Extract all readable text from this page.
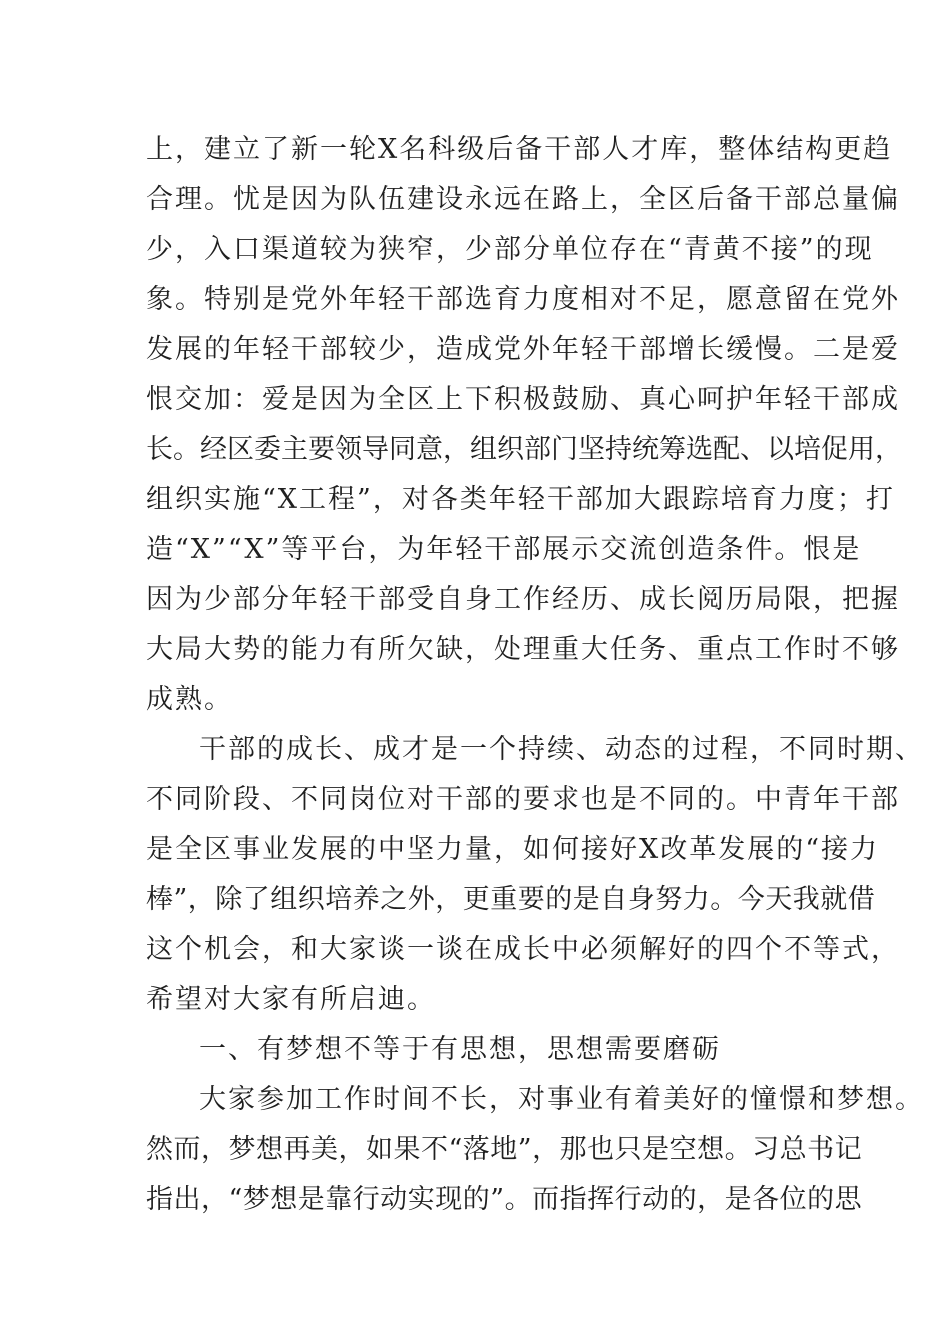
上，建立了新一轮X名科级后备干部人才库，整体结构更趋
合理。忧是因为队伍建设永远在路上，全区后备干部总量偏
少，入口渠道较为狭窄，少部分单位存在“青黄不接”的现
象。特别是党外年轻干部选育力度相对不足，愿意留在党外
发展的年轻干部较少，造成党外年轻干部增长缓慢。二是爱
恨交加：爱是因为全区上下积极鼓励、真心呵护年轻干部成
长。经区委主要领导同意，组织部门坚持统筹选配、以培促用，
组织实施“X工程”，对各类年轻干部加大跟踪培育力度；打
造“X”“X”等平台，为年轻干部展示交流创造条件。恨是
因为少部分年轻干部受自身工作经历、成长阅历局限，把握
大局大势的能力有所欠缺，处理重大任务、重点工作时不够
成熟。
干部的成长、成才是一个持续、动态的过程，不同时期、
不同阶段、不同岗位对干部的要求也是不同的。中青年干部
是全区事业发展的中坚力量，如何接好X改革发展的“接力
棒”，除了组织培养之外，更重要的是自身努力。今天我就借
这个机会，和大家谈一谈在成长中必须解好的四个不等式，
希望对大家有所启迪。
一、有梦想不等于有思想，思想需要磨砺
大家参加工作时间不长，对事业有着美好的憧憬和梦想。
然而，梦想再美，如果不“落地”，那也只是空想。习总书记
指出，“梦想是靠行动实现的”。而指挥行动的，是各位的思
